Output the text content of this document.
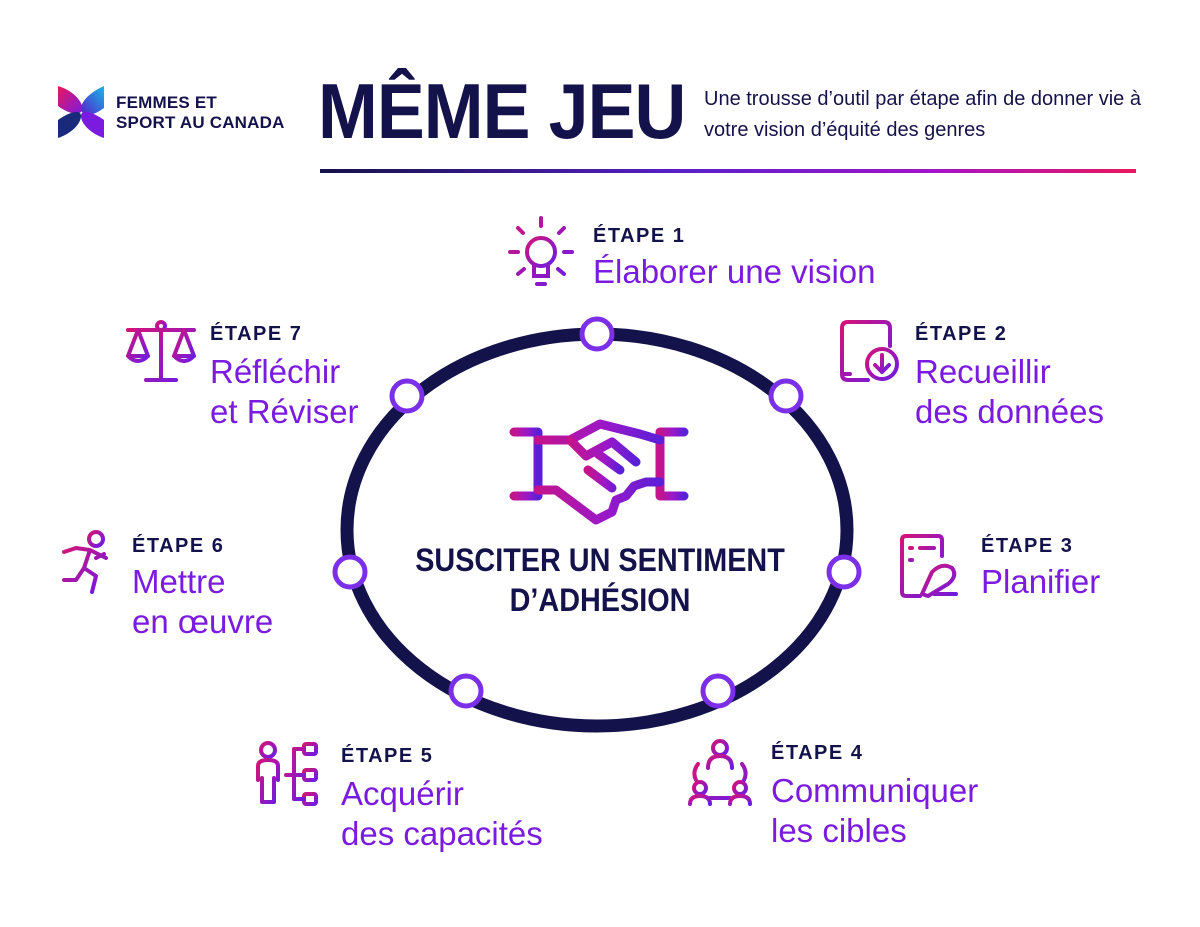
FEMMES ET
SPORT AU CANADA MÊME JEU Une trousse d’outil par étape afin de donner vie à votre vision d’équité des genres
SUSCITER UN SENTIMENT
D’ADHÉSION
ÉTAPE 1
Élaborer une vision
ÉTAPE 2
Recueillir
des données
ÉTAPE 3
Planifier
ÉTAPE 4
Communiquer
les cibles
ÉTAPE 5
Acquérir
des capacités
ÉTAPE 6
Mettre
en œuvre
ÉTAPE 7
Réfléchir
et Réviser
